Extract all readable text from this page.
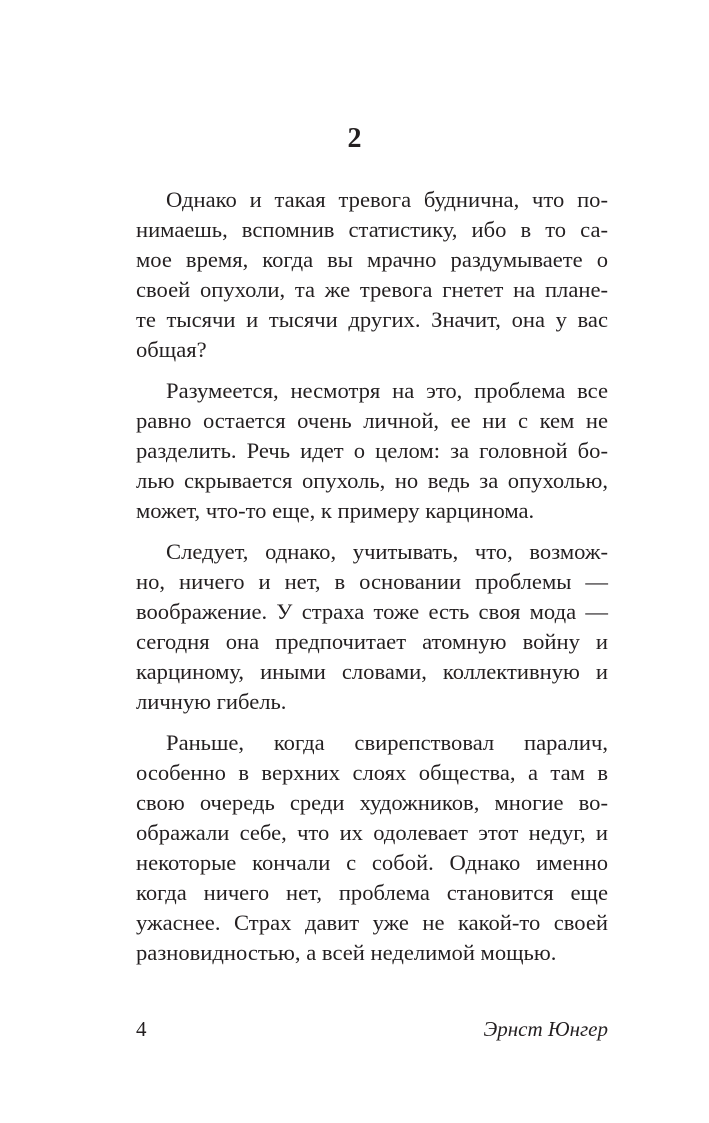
2
Однако и такая тревога буднична, что по-
нимаешь, вспомнив статистику, ибо в то са-
мое время, когда вы мрачно раздумываете о
своей опухоли, та же тревога гнетет на плане-
те тысячи и тысячи других. Значит, она у вас
общая?
Разумеется, несмотря на это, проблема все
равно остается очень личной, ее ни с кем не
разделить. Речь идет о целом: за головной бо-
лью скрывается опухоль, но ведь за опухолью,
может, что-то еще, к примеру карцинома.
Следует, однако, учитывать, что, возмож-
но, ничего и нет, в основании проблемы —
воображение. У страха тоже есть своя мода —
сегодня она предпочитает атомную войну и
карциному, иными словами, коллективную и
личную гибель.
Раньше, когда свирепствовал паралич,
особенно в верхних слоях общества, а там в
свою очередь среди художников, многие во-
ображали себе, что их одолевает этот недуг, и
некоторые кончали с собой. Однако именно
когда ничего нет, проблема становится еще
ужаснее. Страх давит уже не какой-то своей
разновидностью, а всей неделимой мощью.
4	Эрнст Юнгер
